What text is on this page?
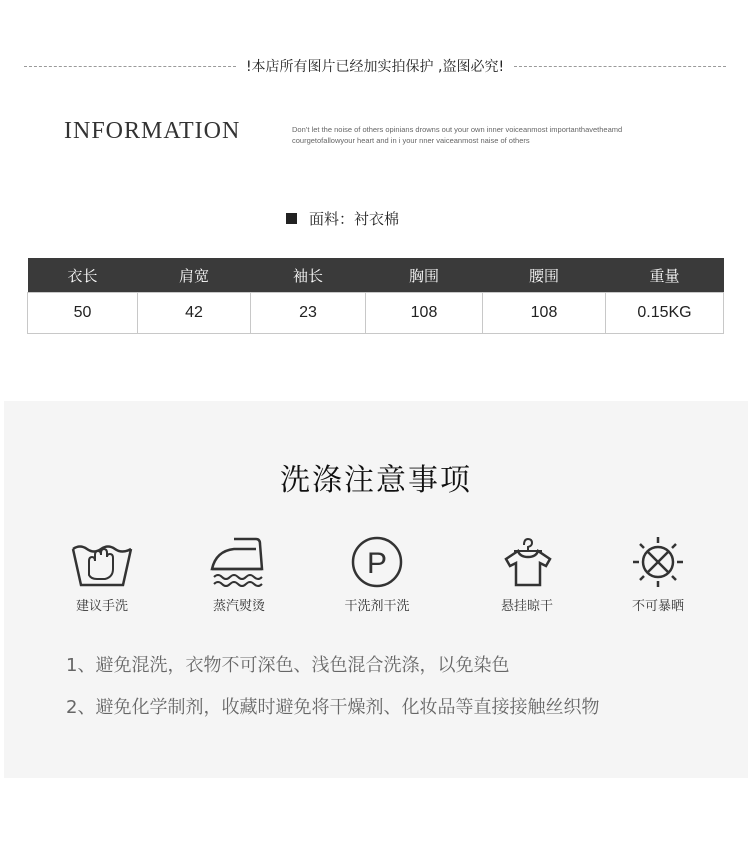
!本店所有图片已经加实拍保护 ,盗图必究!
INFORMATION	Don’t let the noise of others opinians drowns out your own inner voiceanmost importanthavetheamd
courgetofallowyour heart and in i your nner vaiceanmost naise of others
面料：衬衣棉
衣长	肩宽	袖长	胸围	腰围	重量
50	42	23	108	108	0.15KG
洗涤注意事项
建议手洗	蒸汽熨烫
P
干洗剂干洗	悬挂晾干	不可暴晒
1、避免混洗，衣物不可深色、浅色混合洗涤，以免染色
2、避免化学制剂，收藏时避免将干燥剂、化妆品等直接接触丝织物
